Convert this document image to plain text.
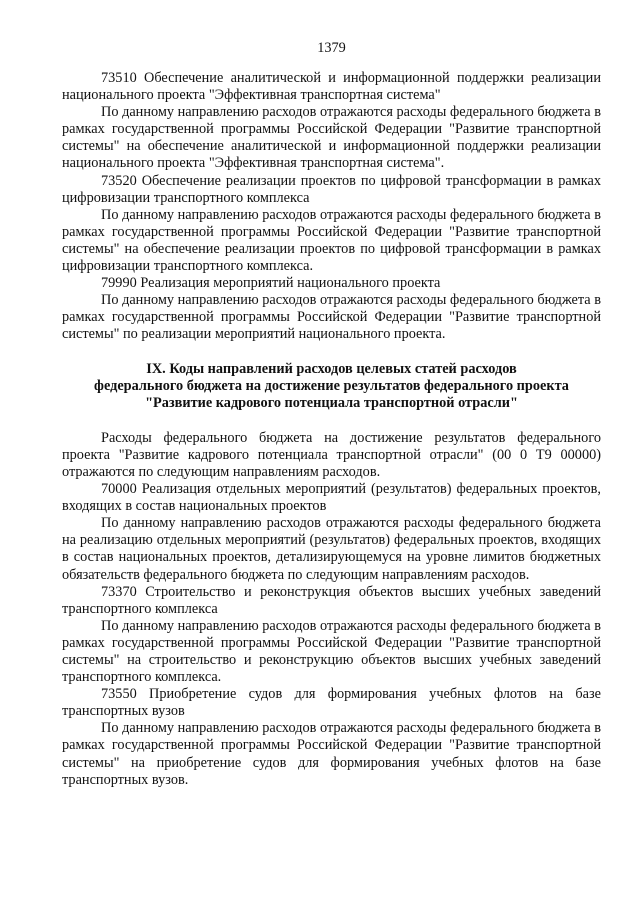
1379

73510 Обеспечение аналитической и информационной поддержки реализации национального проекта "Эффективная транспортная система"

По данному направлению расходов отражаются расходы федерального бюджета в рамках государственной программы Российской Федерации "Развитие транспортной системы" на обеспечение аналитической и информационной поддержки реализации национального проекта "Эффективная транспортная система".

73520 Обеспечение реализации проектов по цифровой трансформации в рамках цифровизации транспортного комплекса

По данному направлению расходов отражаются расходы федерального бюджета в рамках государственной программы Российской Федерации "Развитие транспортной системы" на обеспечение реализации проектов по цифровой трансформации в рамках цифровизации транспортного комплекса.

79990 Реализация мероприятий национального проекта

По данному направлению расходов отражаются расходы федерального бюджета в рамках государственной программы Российской Федерации "Развитие транспортной системы" по реализации мероприятий национального проекта.

IX. Коды направлений расходов целевых статей расходов
федерального бюджета на достижение результатов федерального проекта
"Развитие кадрового потенциала транспортной отрасли"

Расходы федерального бюджета на достижение результатов федерального проекта "Развитие кадрового потенциала транспортной отрасли" (00 0 Т9 00000) отражаются по следующим направлениям расходов.

70000 Реализация отдельных мероприятий (результатов) федеральных проектов, входящих в состав национальных проектов

По данному направлению расходов отражаются расходы федерального бюджета на реализацию отдельных мероприятий (результатов) федеральных проектов, входящих в состав национальных проектов, детализирующемуся на уровне лимитов бюджетных обязательств федерального бюджета по следующим направлениям расходов.

73370 Строительство и реконструкция объектов высших учебных заведений транспортного комплекса

По данному направлению расходов отражаются расходы федерального бюджета в рамках государственной программы Российской Федерации "Развитие транспортной системы" на строительство и реконструкцию объектов высших учебных заведений транспортного комплекса.

73550 Приобретение судов для формирования учебных флотов на базе транспортных вузов

По данному направлению расходов отражаются расходы федерального бюджета в рамках государственной программы Российской Федерации "Развитие транспортной системы" на приобретение судов для формирования учебных флотов на базе транспортных вузов.
